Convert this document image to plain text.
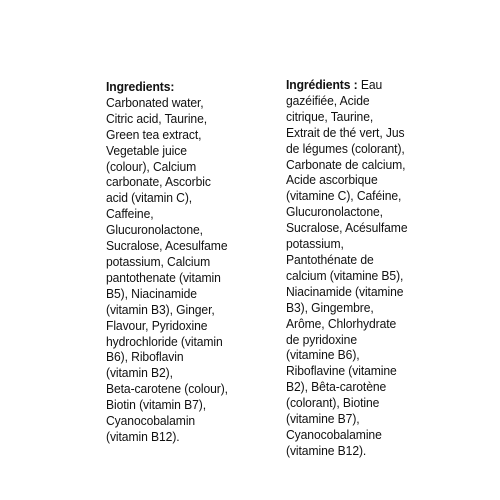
Ingredients:
Carbonated water,
Citric acid, Taurine,
Green tea extract,
Vegetable juice
(colour), Calcium
carbonate, Ascorbic
acid (vitamin C),
Caffeine,
Glucuronolactone,
Sucralose, Acesulfame
potassium, Calcium
pantothenate (vitamin
B5), Niacinamide
(vitamin B3), Ginger,
Flavour, Pyridoxine
hydrochloride (vitamin
B6), Riboflavin
(vitamin B2),
Beta-carotene (colour),
Biotin (vitamin B7),
Cyanocobalamin
(vitamin B12).
Ingrédients : Eau
gazéifiée, Acide
citrique, Taurine,
Extrait de thé vert, Jus
de légumes (colorant),
Carbonate de calcium,
Acide ascorbique
(vitamine C), Caféine,
Glucuronolactone,
Sucralose, Acésulfame
potassium,
Pantothénate de
calcium (vitamine B5),
Niacinamide (vitamine
B3), Gingembre,
Arôme, Chlorhydrate
de pyridoxine
(vitamine B6),
Riboflavine (vitamine
B2), Bêta-carotène
(colorant), Biotine
(vitamine B7),
Cyanocobalamine
(vitamine B12).
